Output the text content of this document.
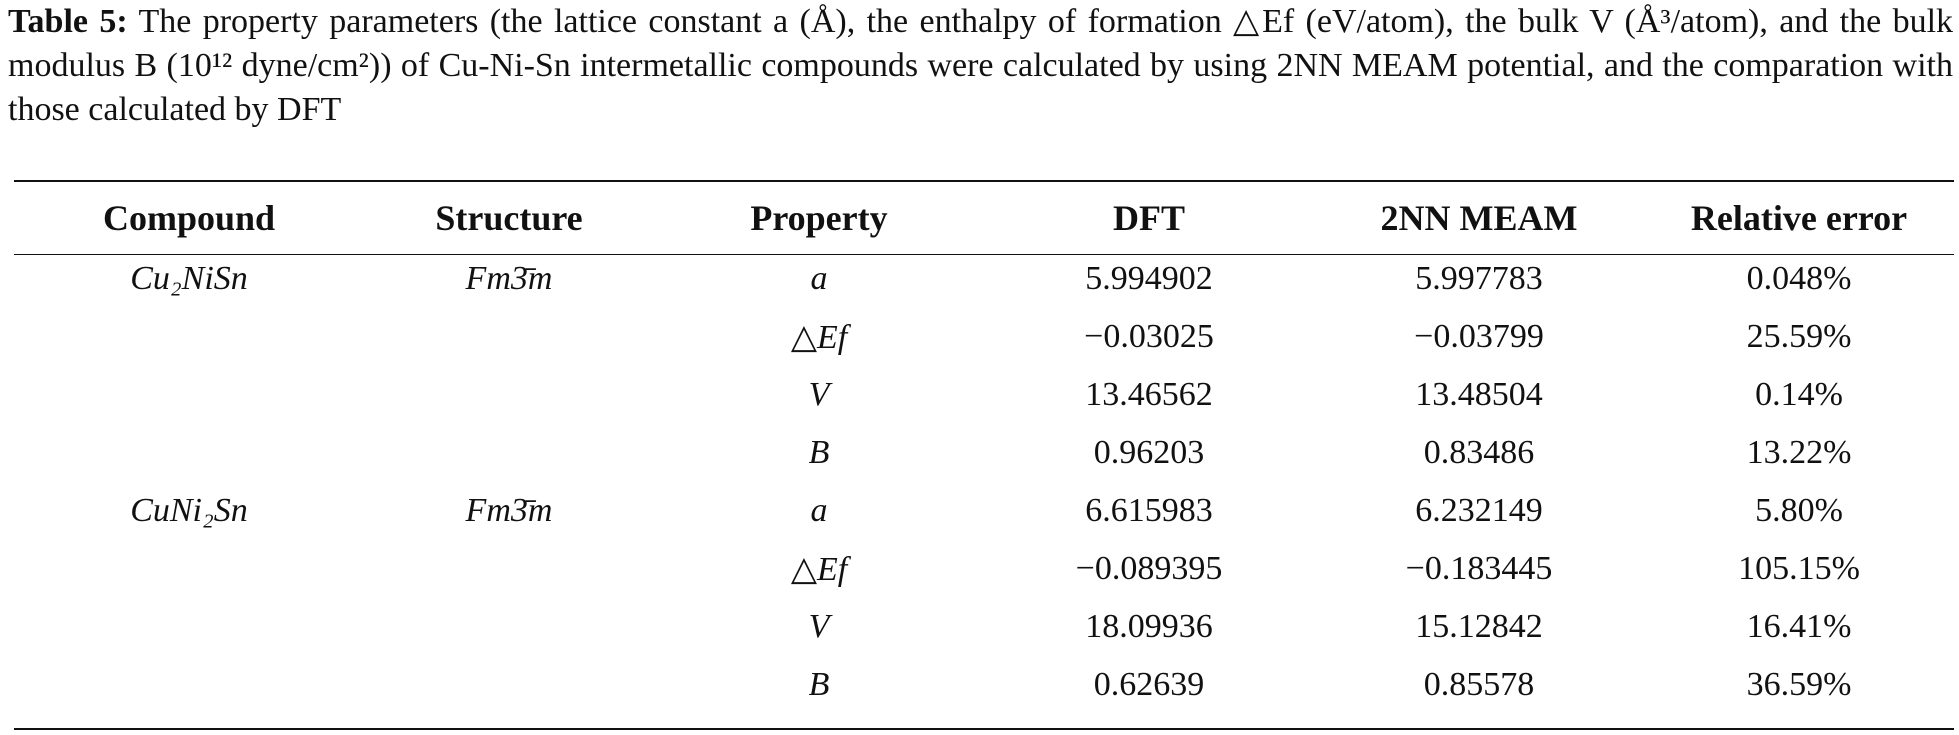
Table 5: The property parameters (the lattice constant a (Å), the enthalpy of formation △Ef (eV/atom), the bulk V (Å³/atom), and the bulk modulus B (10¹² dyne/cm²)) of Cu-Ni-Sn intermetallic compounds were calculated by using 2NN MEAM potential, and the comparation with those calculated by DFT
Compound	Structure	Property	DFT	2NN MEAM	Relative error
Cu₂NiSn	Fm3̄m	a	5.994902	5.997783	0.048%
		△Ef	−0.03025	−0.03799	25.59%
		V	13.46562	13.48504	0.14%
		B	0.96203	0.83486	13.22%
CuNi₂Sn	Fm3̄m	a	6.615983	6.232149	5.80%
		△Ef	−0.089395	−0.183445	105.15%
		V	18.09936	15.12842	16.41%
		B	0.62639	0.85578	36.59%
